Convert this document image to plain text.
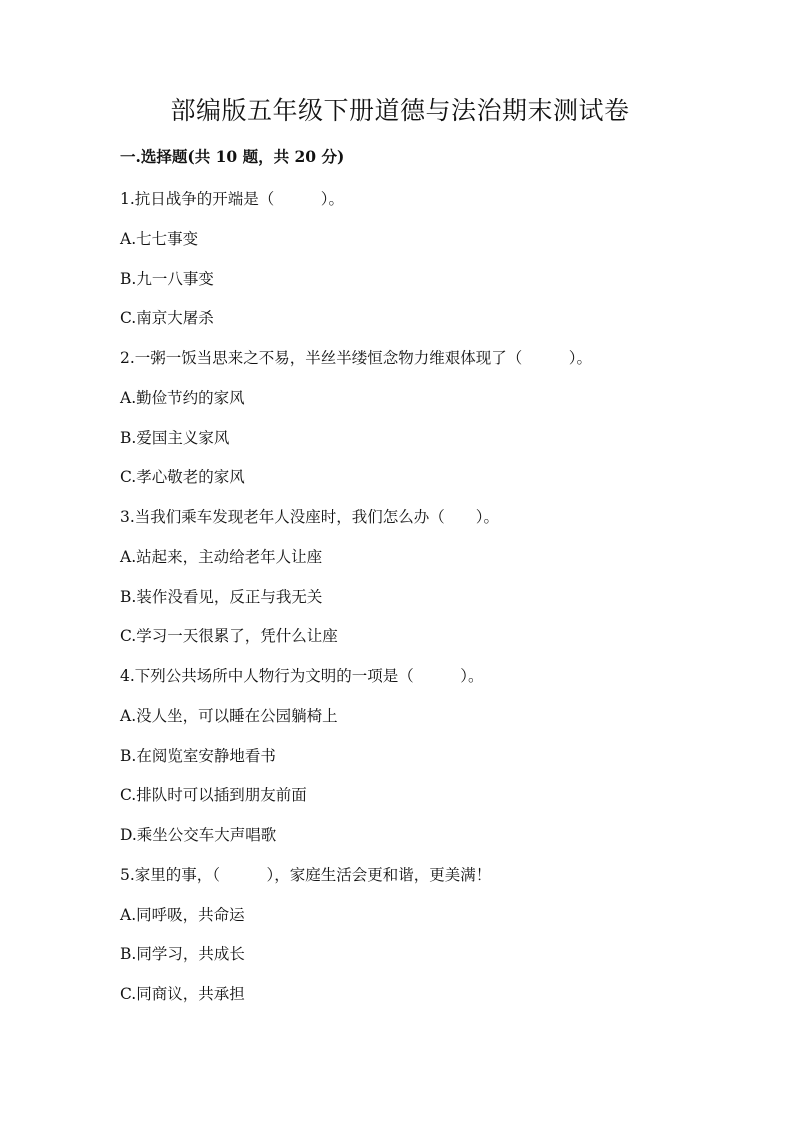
部编版五年级下册道德与法治期末测试卷
一.选择题(共 10 题，共 20 分)
1.抗日战争的开端是（　　　）。
A.七七事变
B.九一八事变
C.南京大屠杀
2.一粥一饭当思来之不易，半丝半缕恒念物力维艰体现了（　　　）。
A.勤俭节约的家风
B.爱国主义家风
C.孝心敬老的家风
3.当我们乘车发现老年人没座时，我们怎么办（　　）。
A.站起来，主动给老年人让座
B.装作没看见，反正与我无关
C.学习一天很累了，凭什么让座
4.下列公共场所中人物行为文明的一项是（　　　）。
A.没人坐，可以睡在公园躺椅上
B.在阅览室安静地看书
C.排队时可以插到朋友前面
D.乘坐公交车大声唱歌
5.家里的事，（　　　），家庭生活会更和谐，更美满！
A.同呼吸，共命运
B.同学习，共成长
C.同商议，共承担
